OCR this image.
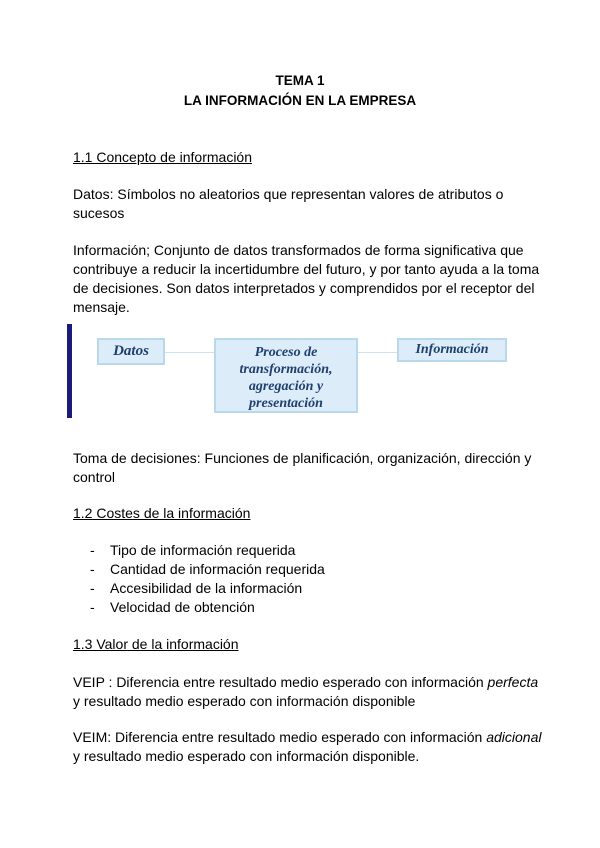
TEMA 1
LA INFORMACIÓN EN LA EMPRESA
1.1 Concepto de información
Datos: Símbolos no aleatorios que representan valores de atributos o sucesos
Información; Conjunto de datos transformados de forma significativa que contribuye a reducir la incertidumbre del futuro, y por tanto ayuda a la toma de decisiones. Son datos interpretados y comprendidos por el receptor del mensaje.
Datos	Proceso de transformación, agregación y presentación
Información
Toma de decisiones: Funciones de planificación, organización, dirección y control
1.2 Costes de la información
- Tipo de información requerida
- Cantidad de información requerida
- Accesibilidad de la información
- Velocidad de obtención
1.3 Valor de la información
VEIP : Diferencia entre resultado medio esperado con información perfecta y resultado medio esperado con información disponible
VEIM: Diferencia entre resultado medio esperado con información adicional y resultado medio esperado con información disponible.
